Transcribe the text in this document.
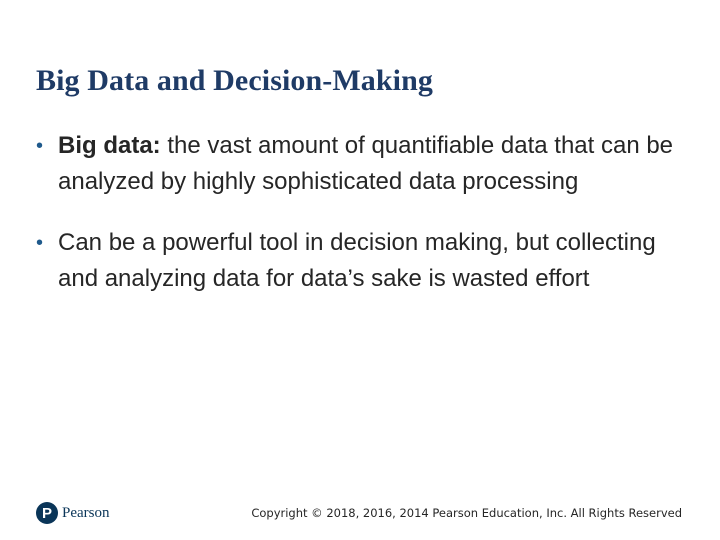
Big Data and Decision-Making
• Big data: the vast amount of quantifiable data that can be analyzed by highly sophisticated data processing
• Can be a powerful tool in decision making, but collecting and analyzing data for data’s sake is wasted effort
P Pearson	Copyright © 2018, 2016, 2014 Pearson Education, Inc. All Rights Reserved
